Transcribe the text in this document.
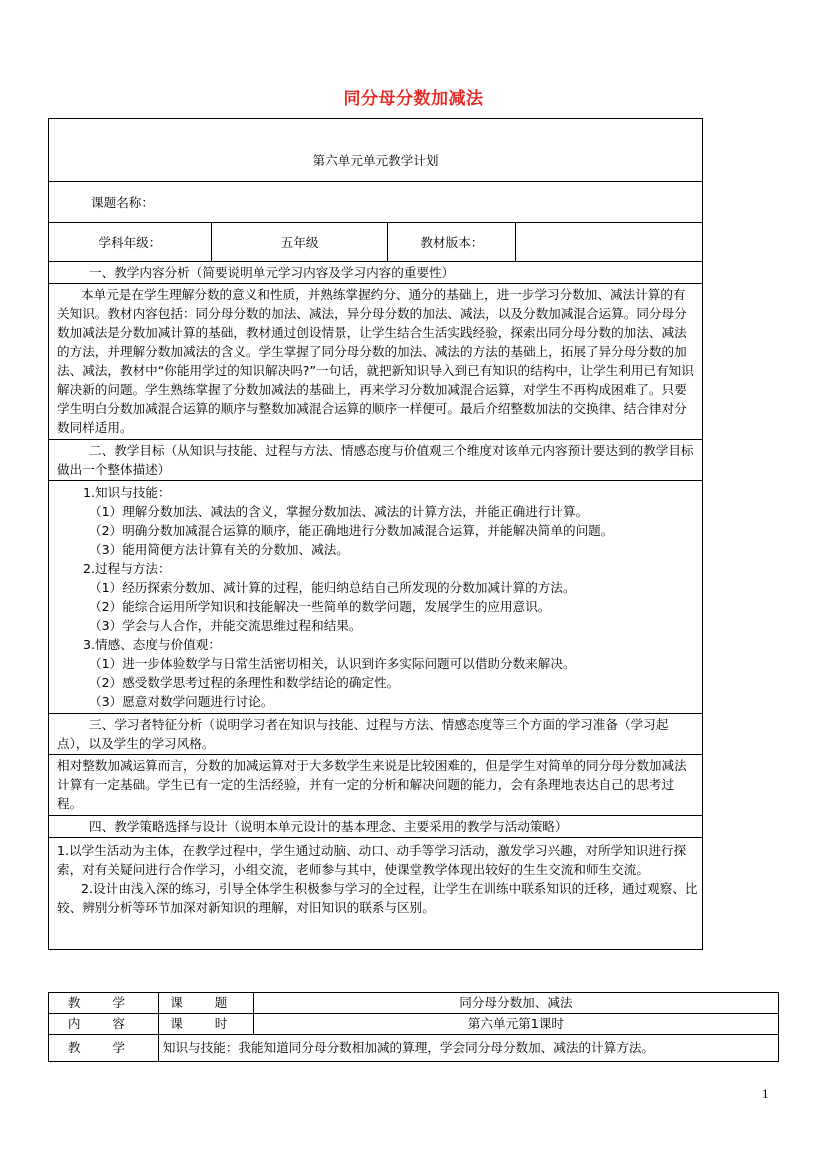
同分母分数加减法
第六单元单元教学计划
课题名称：
学科年级：	五年级	教材版本：	
一、教学内容分析（简要说明单元学习内容及学习内容的重要性）

本单元是在学生理解分数的意义和性质，并熟练掌握约分、通分的基础上，进一步学习分数加、减法计算的有关知识。教材内容包括：同分母分数的加法、减法，异分母分数的加法、减法，以及分数加减混合运算。同分母分数加减法是分数加减计算的基础，教材通过创设情景，让学生结合生活实践经验，探索出同分母分数的加法、减法的方法，并理解分数加减法的含义。学生掌握了同分母分数的加法、减法的方法的基础上，拓展了异分母分数的加法、减法，教材中“你能用学过的知识解决吗?”一句话，就把新知识导入到已有知识的结构中，让学生利用已有知识解决新的问题。学生熟练掌握了分数加减法的基础上，再来学习分数加减混合运算，对学生不再构成困难了。只要学生明白分数加减混合运算的顺序与整数加减混合运算的顺序一样便可。最后介绍整数加法的交换律、结合律对分数同样适用。

二、教学目标（从知识与技能、过程与方法、情感态度与价值观三个维度对该单元内容预计要达到的教学目标做出一个整体描述）

1.知识与技能：
（1）理解分数加法、减法的含义，掌握分数加法、减法的计算方法，并能正确进行计算。
（2）明确分数加减混合运算的顺序，能正确地进行分数加减混合运算，并能解决简单的问题。
（3）能用简便方法计算有关的分数加、减法。
2.过程与方法：
（1）经历探索分数加、减计算的过程，能归纳总结自己所发现的分数加减计算的方法。
（2）能综合运用所学知识和技能解决一些简单的数学问题，发展学生的应用意识。
（3）学会与人合作，并能交流思维过程和结果。
3.情感、态度与价值观：
（1）进一步体验数学与日常生活密切相关，认识到许多实际问题可以借助分数来解决。
（2）感受数学思考过程的条理性和数学结论的确定性。
（3）愿意对数学问题进行讨论。

三、学习者特征分析（说明学习者在知识与技能、过程与方法、情感态度等三个方面的学习准备（学习起点），以及学生的学习风格。
相对整数加减运算而言，分数的加减运算对于大多数学生来说是比较困难的，但是学生对简单的同分母分数加减法计算有一定基础。学生已有一定的生活经验，并有一定的分析和解决问题的能力，会有条理地表达自己的思考过程。
四、教学策略选择与设计（说明本单元设计的基本理念、主要采用的教学与活动策略）
1.以学生活动为主体，在教学过程中，学生通过动脑、动口、动手等学习活动，激发学习兴趣，对所学知识进行探索，对有关疑问进行合作学习，小组交流，老师参与其中，使课堂教学体现出较好的生生交流和师生交流。
2.设计由浅入深的练习，引导全体学生积极参与学习的全过程，让学生在训练中联系知识的迁移，通过观察、比较、辨别分析等环节加深对新知识的理解，对旧知识的联系与区别。
教 学	课 题	同分母分数加、减法
内 容	课 时	第六单元第1课时
教 学	知识与技能：我能知道同分母分数相加减的算理，学会同分母分数加、减法的计算方法。	
1
